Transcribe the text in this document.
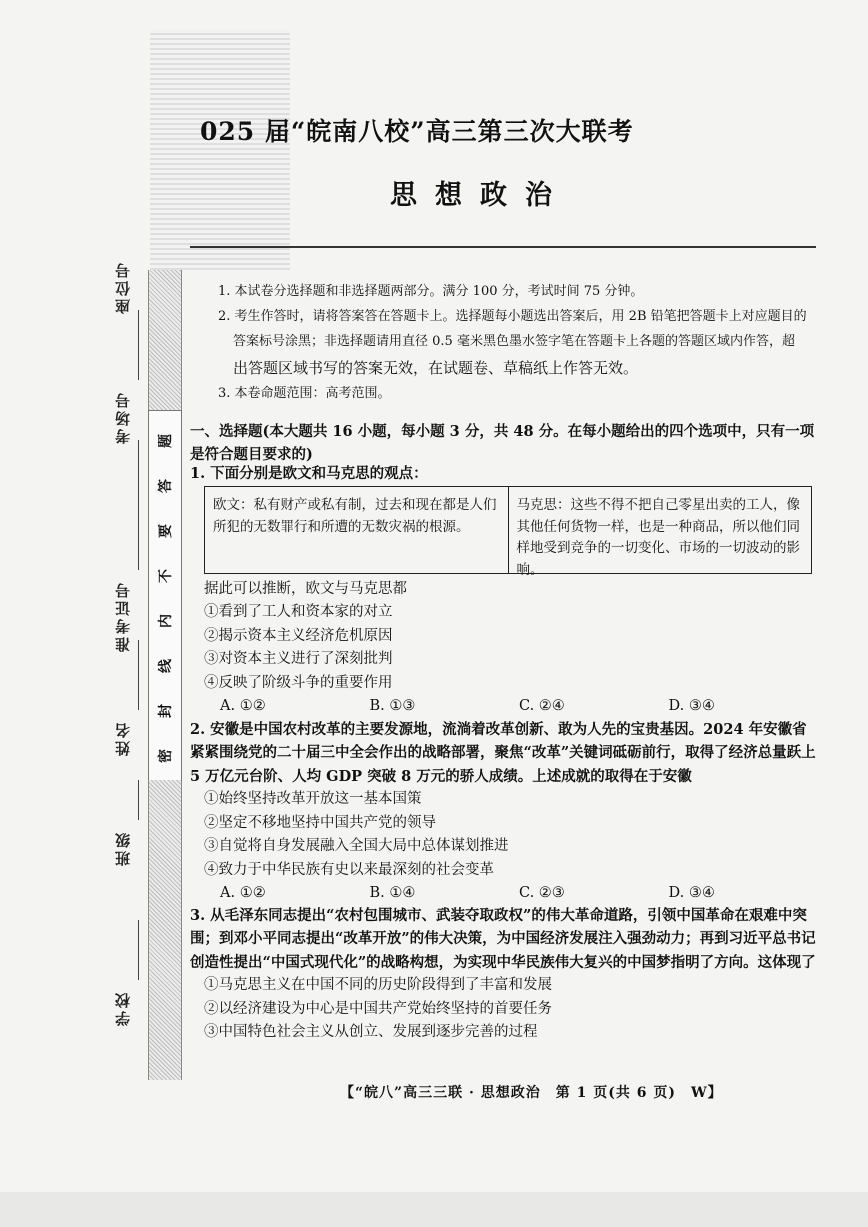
学校
班级
姓名
准考证号
考场号
座位号
题
答
要
不
内
线
封
密
025 届“皖南八校”高三第三次大联考
思想政治

1. 本试卷分选择题和非选择题两部分。满分 100 分，考试时间 75 分钟。

2. 考生作答时，请将答案答在答题卡上。选择题每小题选出答案后，用 2B 铅笔把答题卡上对应题目的

答案标号涂黑；非选择题请用直径 0.5 毫米黑色墨水签字笔在答题卡上各题的答题区域内作答，超

出答题区域书写的答案无效，在试题卷、草稿纸上作答无效。

3. 本卷命题范围：高考范围。

一、选择题(本大题共 16 小题，每小题 3 分，共 48 分。在每小题给出的四个选项中，只有一项是符合题目要求的)

1. 下面分别是欧文和马克思的观点：

欧文：私有财产或私有制，过去和现在都是人们所犯的无数罪行和所遭的无数灾祸的根源。
马克思：这些不得不把自己零星出卖的工人，像其他任何货物一样，也是一种商品，所以他们同样地受到竞争的一切变化、市场的一切波动的影响。

据此可以推断，欧文与马克思都

①看到了工人和资本家的对立

②揭示资本主义经济危机原因

③对资本主义进行了深刻批判

④反映了阶级斗争的重要作用

A. ①②	B. ①③	C. ②④	D. ③④

2. 安徽是中国农村改革的主要发源地，流淌着改革创新、敢为人先的宝贵基因。2024 年安徽省紧紧围绕党的二十届三中全会作出的战略部署，聚焦“改革”关键词砥砺前行，取得了经济总量跃上 5 万亿元台阶、人均 GDP 突破 8 万元的骄人成绩。上述成就的取得在于安徽

①始终坚持改革开放这一基本国策

②坚定不移地坚持中国共产党的领导

③自觉将自身发展融入全国大局中总体谋划推进

④致力于中华民族有史以来最深刻的社会变革

A. ①②	B. ①④	C. ②③	D. ③④

3. 从毛泽东同志提出“农村包围城市、武装夺取政权”的伟大革命道路，引领中国革命在艰难中突围；到邓小平同志提出“改革开放”的伟大决策，为中国经济发展注入强劲动力；再到习近平总书记创造性提出“中国式现代化”的战略构想，为实现中华民族伟大复兴的中国梦指明了方向。这体现了

①马克思主义在中国不同的历史阶段得到了丰富和发展

②以经济建设为中心是中国共产党始终坚持的首要任务

③中国特色社会主义从创立、发展到逐步完善的过程

【“皖八”高三三联 · 思想政治　第 1 页(共 6 页)　W】
